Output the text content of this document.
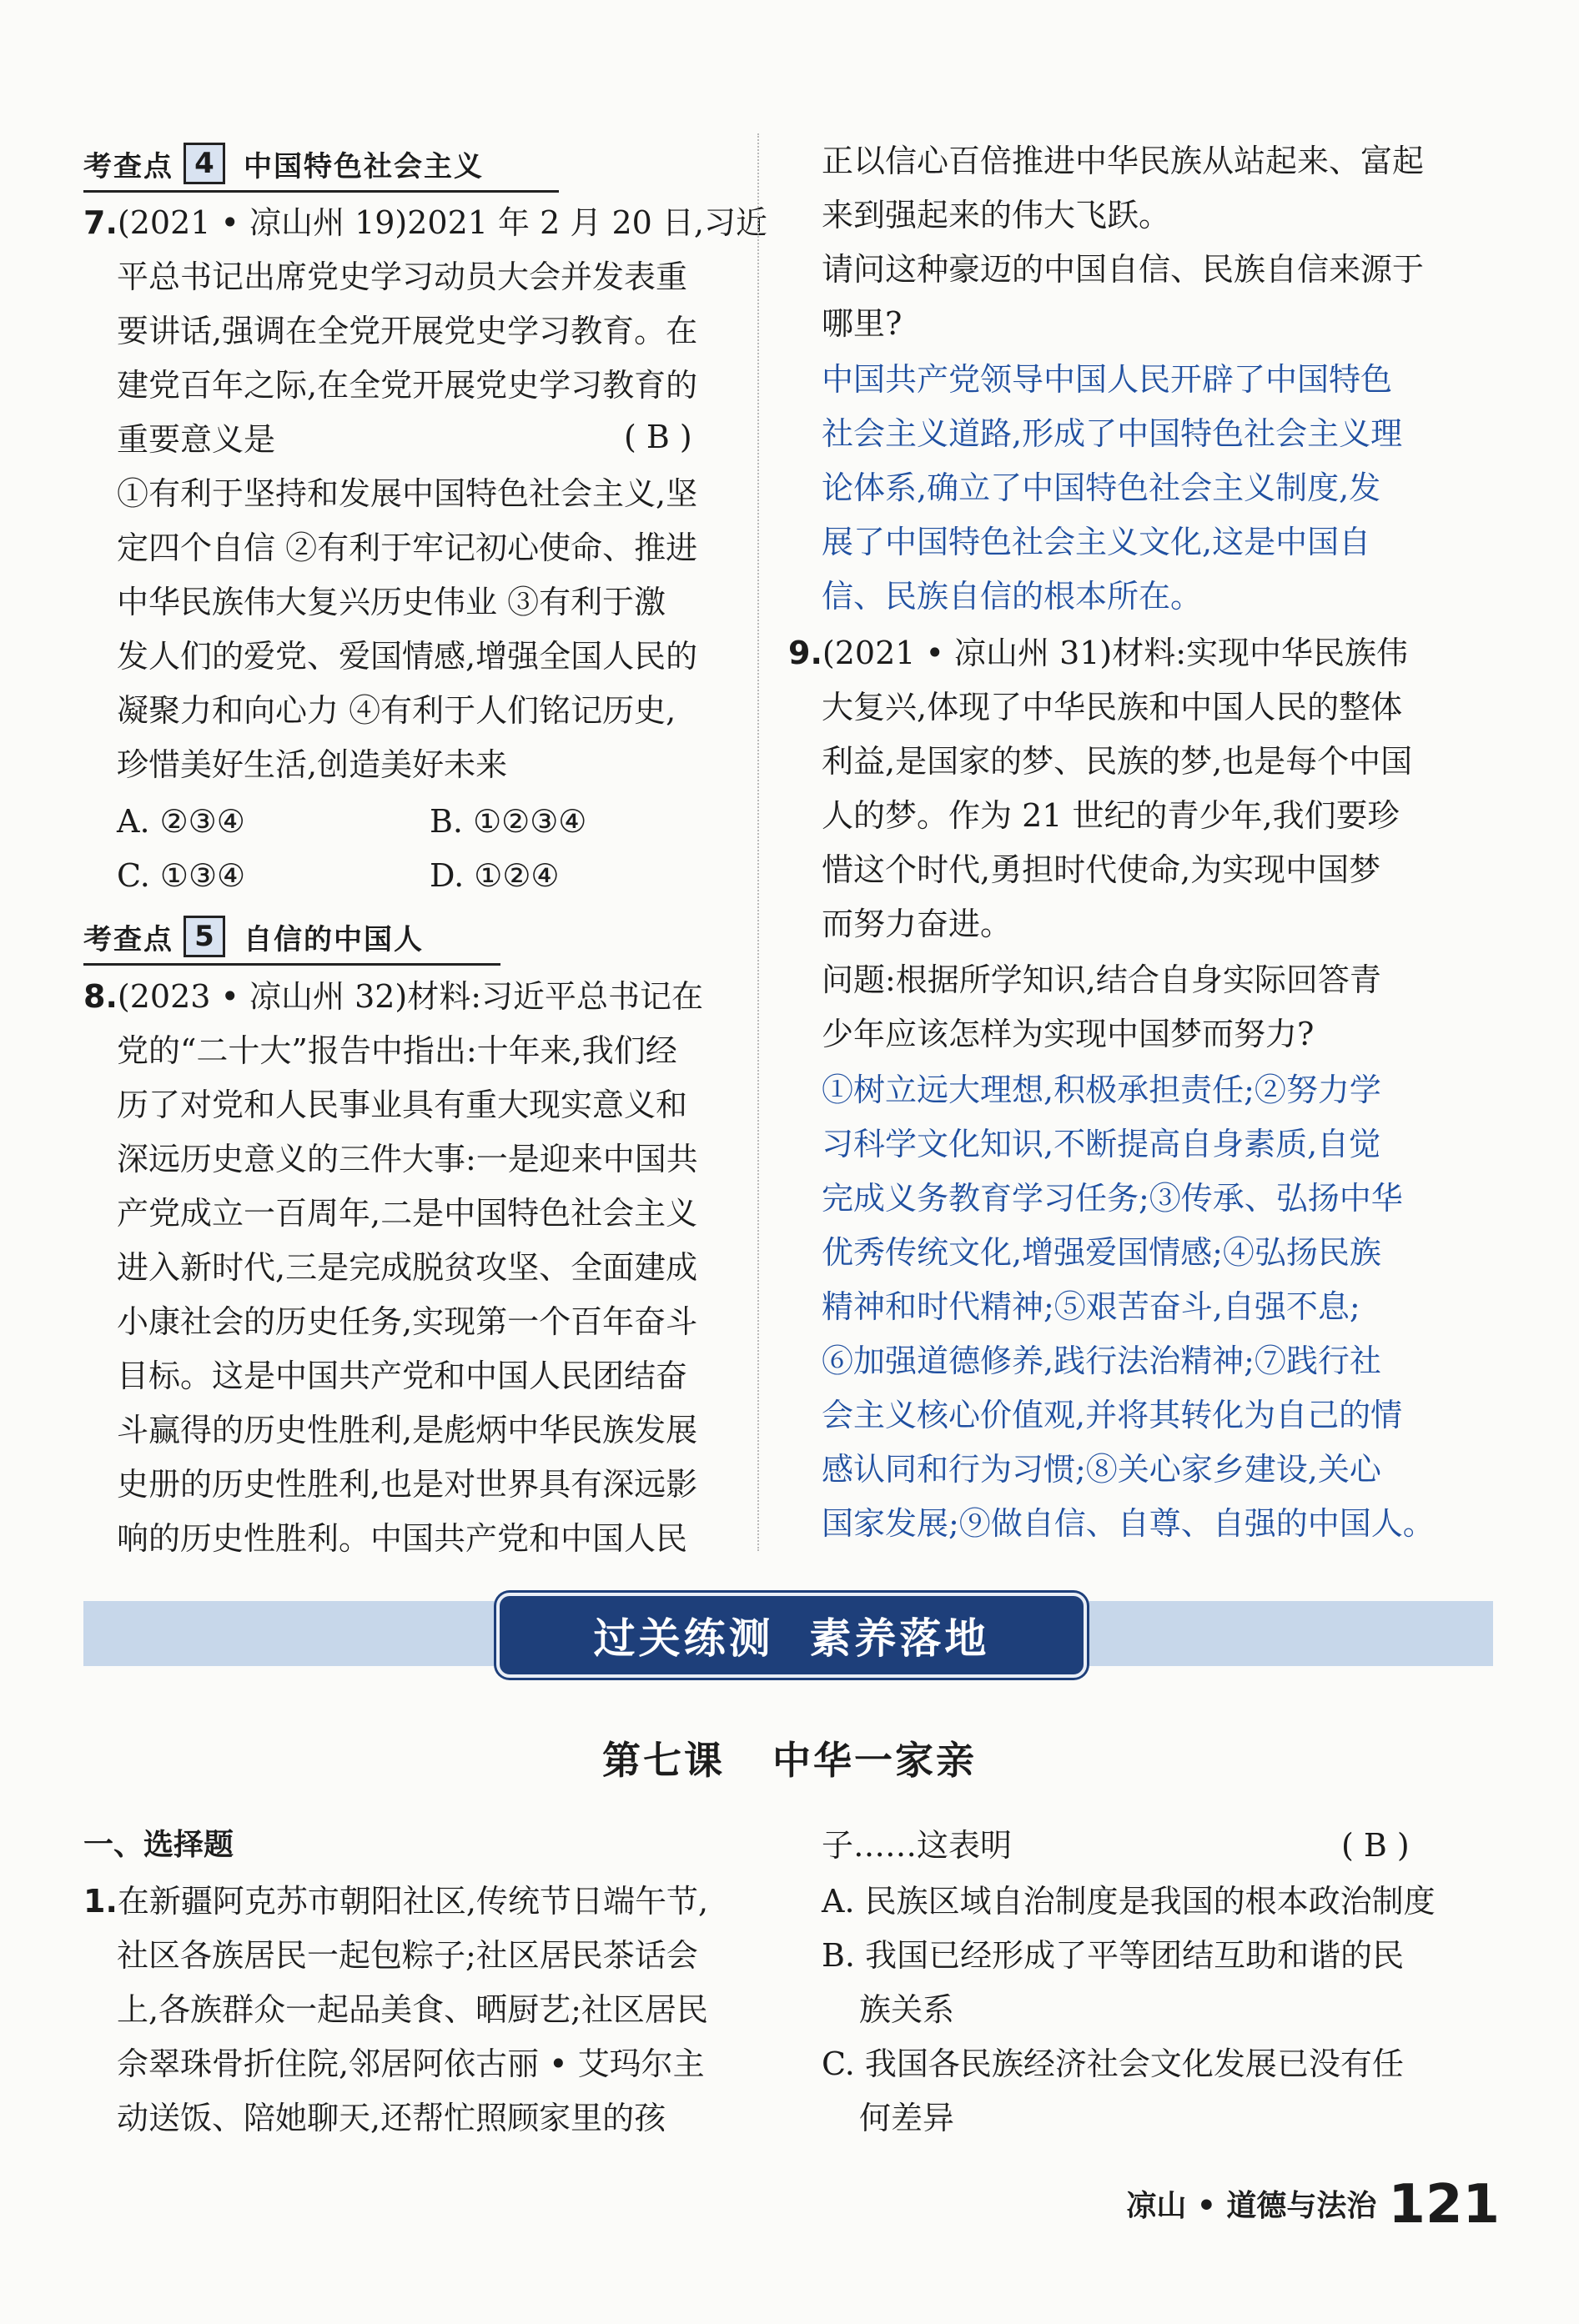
考查点 4	中国特色社会主义
7.(2021 • 凉山州 19)2021 年 2 月 20 日,习近
平总书记出席党史学习动员大会并发表重
要讲话,强调在全党开展党史学习教育。在
建党百年之际,在全党开展党史学习教育的
重要意义是	( B )
①有利于坚持和发展中国特色社会主义,坚
定四个自信 ②有利于牢记初心使命、推进
中华民族伟大复兴历史伟业 ③有利于激
发人们的爱党、爱国情感,增强全国人民的
凝聚力和向心力 ④有利于人们铭记历史,
珍惜美好生活,创造美好未来
A. ②③④	B. ①②③④
C. ①③④	D. ①②④
考查点 5	自信的中国人
8.(2023 • 凉山州 32)材料:习近平总书记在
党的“二十大”报告中指出:十年来,我们经
历了对党和人民事业具有重大现实意义和
深远历史意义的三件大事:一是迎来中国共
产党成立一百周年,二是中国特色社会主义
进入新时代,三是完成脱贫攻坚、全面建成
小康社会的历史任务,实现第一个百年奋斗
目标。这是中国共产党和中国人民团结奋
斗赢得的历史性胜利,是彪炳中华民族发展
史册的历史性胜利,也是对世界具有深远影
响的历史性胜利。中国共产党和中国人民
正以信心百倍推进中华民族从站起来、富起
来到强起来的伟大飞跃。
请问这种豪迈的中国自信、民族自信来源于
哪里?
中国共产党领导中国人民开辟了中国特色
社会主义道路,形成了中国特色社会主义理
论体系,确立了中国特色社会主义制度,发
展了中国特色社会主义文化,这是中国自
信、民族自信的根本所在。
9.(2021 • 凉山州 31)材料:实现中华民族伟
大复兴,体现了中华民族和中国人民的整体
利益,是国家的梦、民族的梦,也是每个中国
人的梦。作为 21 世纪的青少年,我们要珍
惜这个时代,勇担时代使命,为实现中国梦
而努力奋进。
问题:根据所学知识,结合自身实际回答青
少年应该怎样为实现中国梦而努力?
①树立远大理想,积极承担责任;②努力学
习科学文化知识,不断提高自身素质,自觉
完成义务教育学习任务;③传承、弘扬中华
优秀传统文化,增强爱国情感;④弘扬民族
精神和时代精神;⑤艰苦奋斗,自强不息;
⑥加强道德修养,践行法治精神;⑦践行社
会主义核心价值观,并将其转化为自己的情
感认同和行为习惯;⑧关心家乡建设,关心
国家发展;⑨做自信、自尊、自强的中国人。
过关练测  素养落地
第七课   中华一家亲
一、选择题
1.在新疆阿克苏市朝阳社区,传统节日端午节,
社区各族居民一起包粽子;社区居民茶话会
上,各族群众一起品美食、晒厨艺;社区居民
佘翠珠骨折住院,邻居阿依古丽 • 艾玛尔主
动送饭、陪她聊天,还帮忙照顾家里的孩
子……这表明	( B )
A. 民族区域自治制度是我国的根本政治制度
B. 我国已经形成了平等团结互助和谐的民
族关系
C. 我国各民族经济社会文化发展已没有任
何差异
凉山 • 道德与法治 121
